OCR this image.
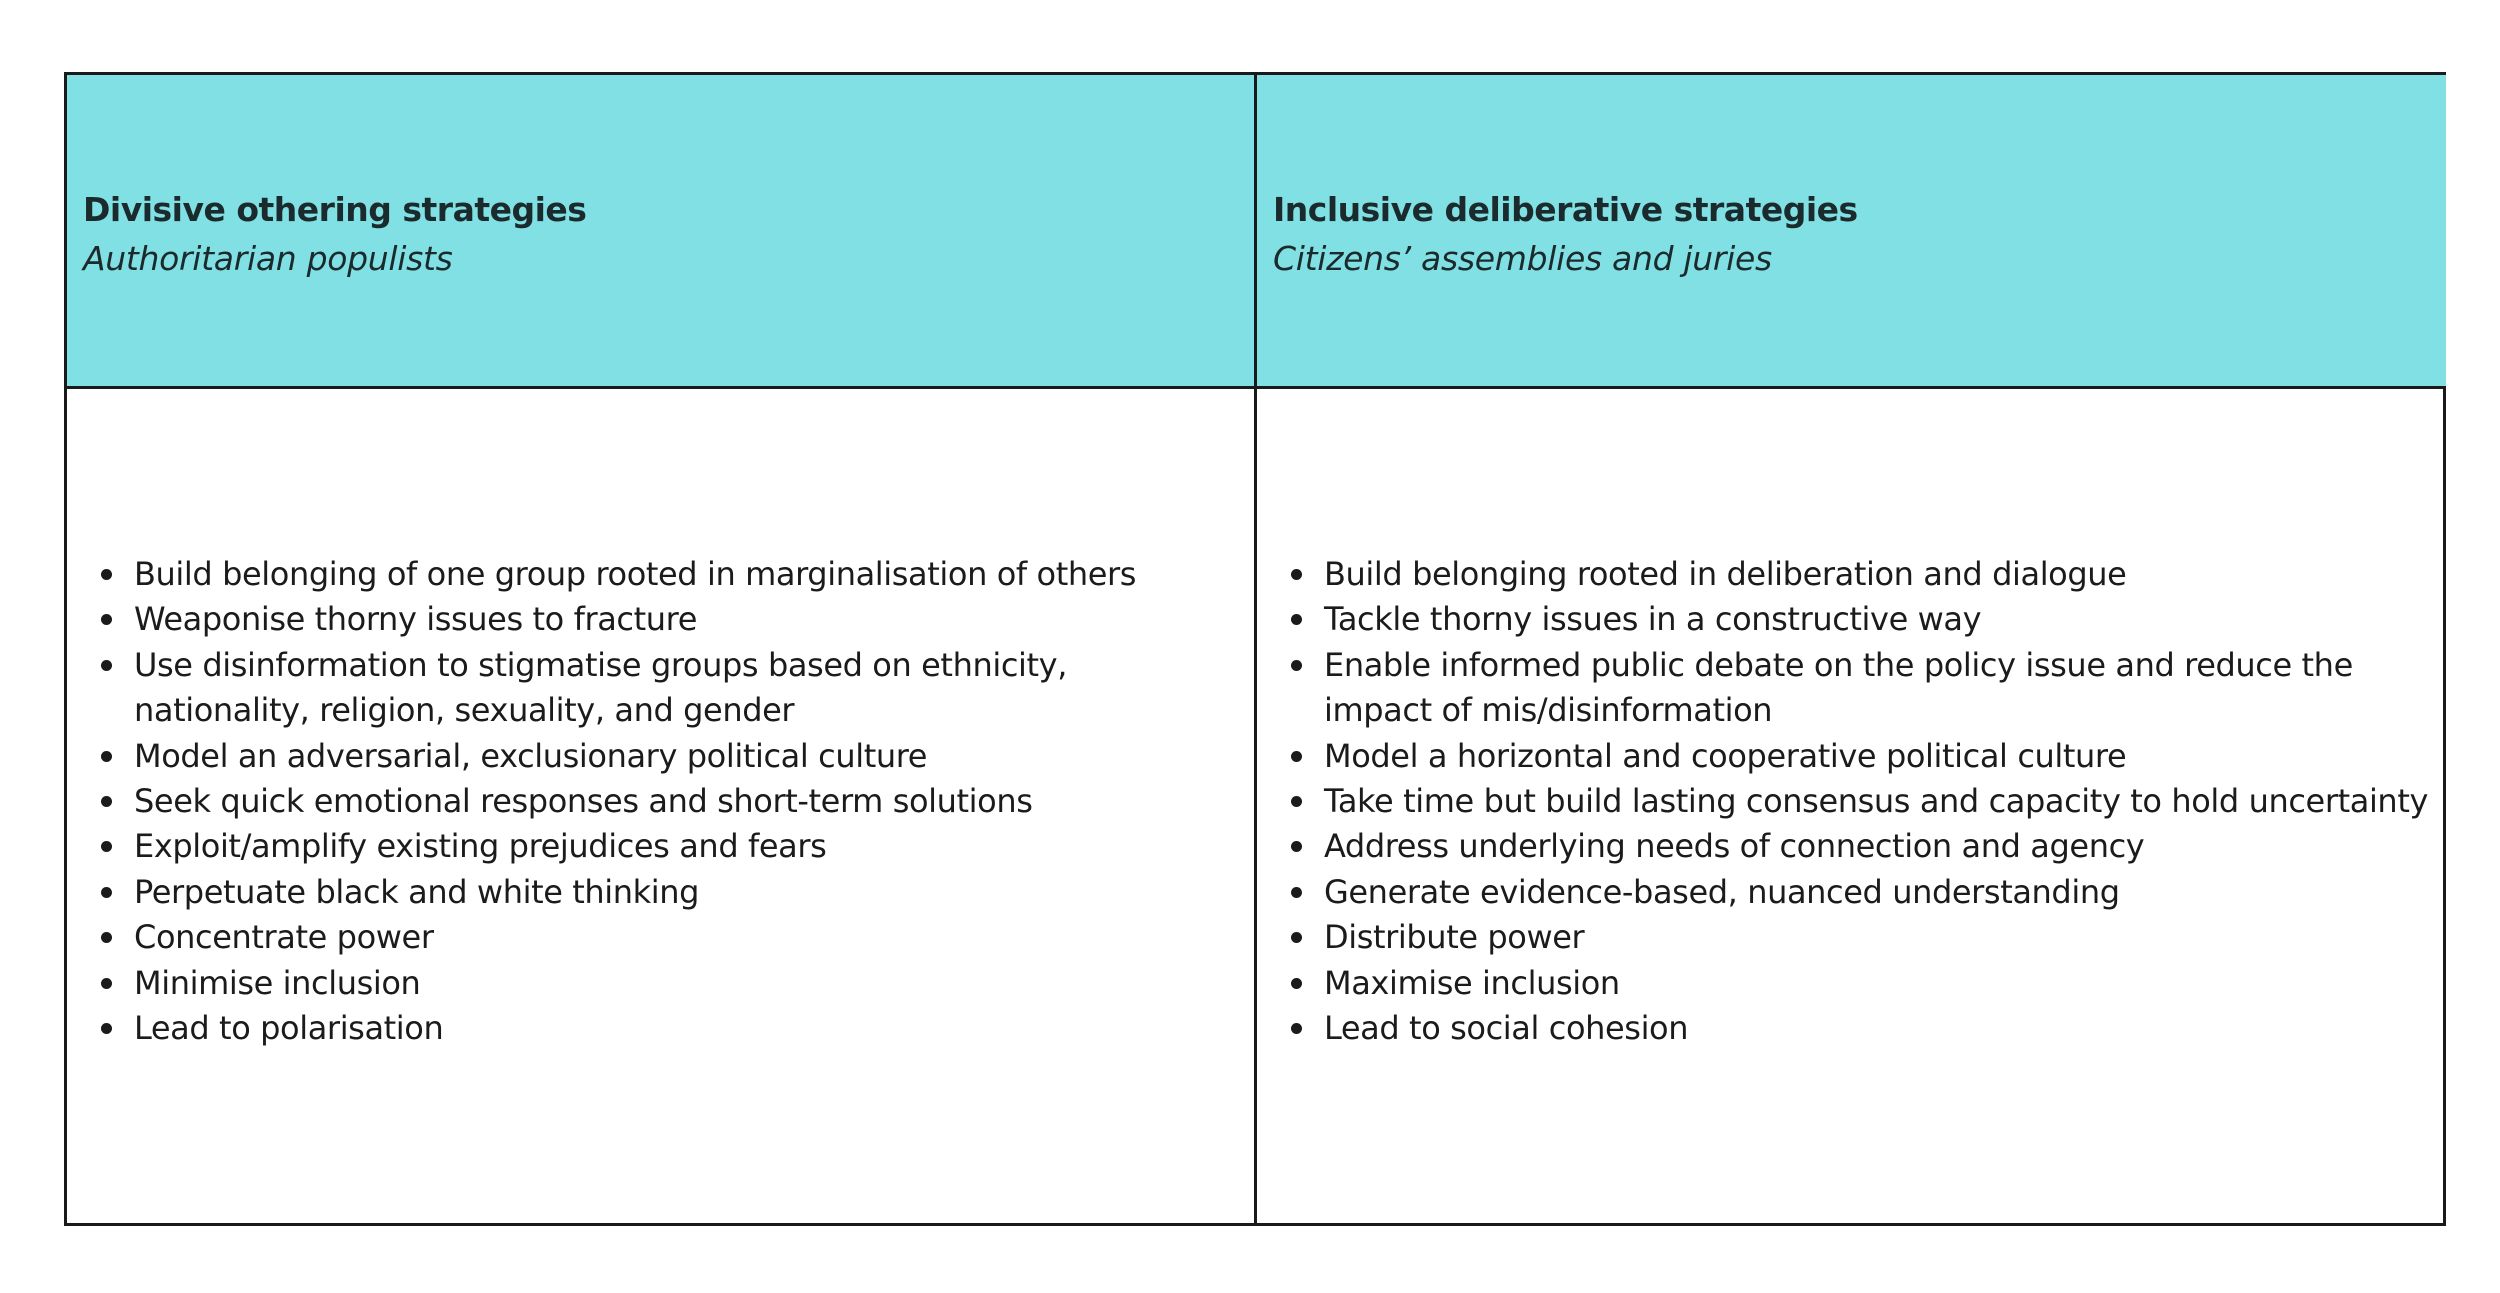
Divisive othering strategies
Authoritarian populists
Inclusive deliberative strategies
Citizens’ assemblies and juries
Build belonging of one group rooted in marginalisation of others
Weaponise thorny issues to fracture
Use disinformation to stigmatise groups based on ethnicity, nationality, religion, sexuality, and gender
Model an adversarial, exclusionary political culture
Seek quick emotional responses and short-term solutions
Exploit/amplify existing prejudices and fears
Perpetuate black and white thinking
Concentrate power
Minimise inclusion
Lead to polarisation
Build belonging rooted in deliberation and dialogue
Tackle thorny issues in a constructive way
Enable informed public debate on the policy issue and reduce the impact of mis/disinformation
Model a horizontal and cooperative political culture
Take time but build lasting consensus and capacity to hold uncertainty
Address underlying needs of connection and agency
Generate evidence-based, nuanced understanding
Distribute power
Maximise inclusion
Lead to social cohesion
